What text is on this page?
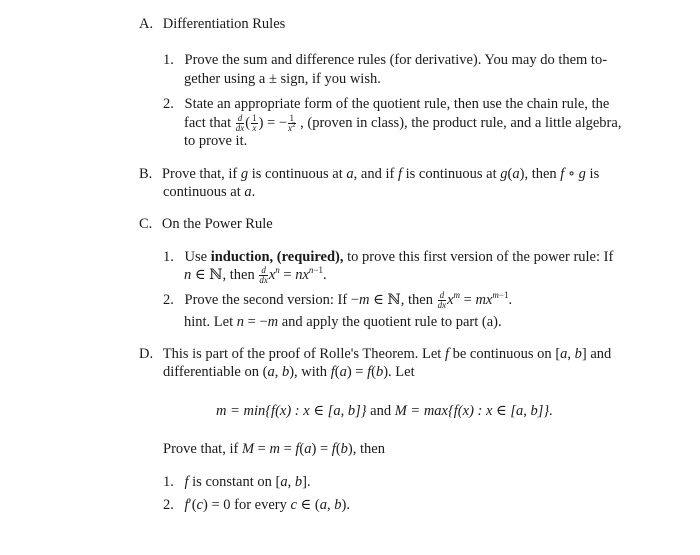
A. Differentiation Rules
1. Prove the sum and difference rules (for derivative). You may do them to-
gether using a ± sign, if you wish.
2. State an appropriate form of the quotient rule, then use the chain rule, the
fact that $\frac{d}{dx}$ ( $\frac{1}{x}$ ) = − $\frac{1}{x^2}$ , (proven in class), the product rule, and a little algebra,
to prove it.
B. Prove that, if g is continuous at a, and if f is continuous at g(a), then f ∘ g is
continuous at a.
C. On the Power Rule
1. Use induction, (required), to prove this first version of the power rule: If
n ∈ ℕ, then $\frac{d}{dx} x^n = nx^{n-1}$.
2. Prove the second version: If −m ∈ ℕ, then $\frac{d}{dx} x^m = mx^{m-1}$.
hint. Let n = −m and apply the quotient rule to part (a).
D. This is part of the proof of Rolle's Theorem. Let f be continuous on [a, b] and
differentiable on (a, b), with f(a) = f(b). Let
m = min{f(x) : x ∈ [a, b]} and M = max{f(x) : x ∈ [a, b]}.
Prove that, if M = m = f(a) = f(b), then
1. f is constant on [a, b].
2. f′(c) = 0 for every c ∈ (a, b).
